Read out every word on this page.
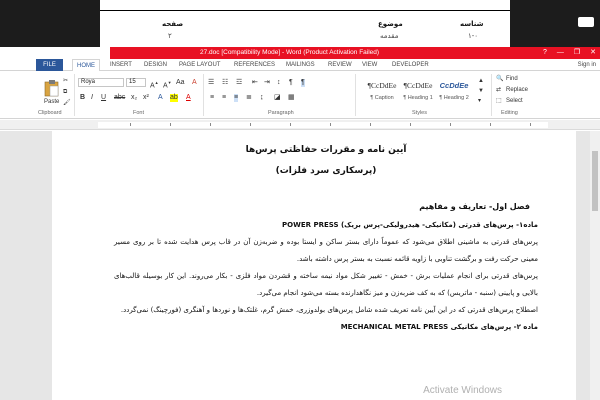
شناسه
موضوع
صفحه
۱-۰
مقدمه
۲
27.doc [Compatibility Mode] - Word (Product Activation Failed)	? — ❐ ✕
FILE	HOME	INSERT DESIGN PAGE LAYOUT REFERENCES MAILINGS REVIEW VIEW DEVELOPER	Sign in
Paste
✂
⧉
🖌
Clipboard
Roya	15
A▲ A▼ Aa A
B I U abc x₂ x² A ab A
Font
☰ ☷ ☲ ⇤ ⇥ ↕ ¶ ¶
≡ ≡ ≡ ≣ ↨ ◪ ▦
Paragraph
¶CcDdEe
¶ Caption
¶CcDdEe
¶ Heading 1
CcDdEe
¶ Heading 2
▲
▼
▾
Styles
🔍 Find
⇄ Replace
⬚ Select
Editing
آیین نامه و مقررات حفاظتی پرس‌ها
(پرسکاری سرد فلزات)
فصل اول- تعاریف و مفاهیم
ماده۱- پرس‌های قدرتی (مکانیکی- هیدرولیکی-پرس بریک) POWER PRESS
پرس‌های قدرتی به ماشینی اطلاق می‌شود که عموماً دارای بستر ساکن و ایستا بوده و ضربه‌زن آن در قاب پرس هدایت شده تا بر روی مسیر معینی حرکت رفت و برگشت تناوبی با زاویه قائمه نسبت به بستر پرس داشته باشد.
پرس‌های قدرتی برای انجام عملیات برش - خمش - تغییر شکل مواد نیمه ساخته و قشردن مواد فلزی - بکار می‌روند. این کار بوسیله قالب‌های بالایی و پایینی (سنبه - ماتریس) که به کف ضربه‌زن و میز نگاهدارنده بسته می‌شود انجام می‌گیرد.
اصطلاح پرس‌های قدرتی که در این آیین نامه تعریف شده شامل پرس‌های بولدوزری، خمش گرم، غلتک‌ها و نوردها و آهنگری (فورچینگ) نمی‌گردد.
ماده ۲- پرس‌های مکانیکی MECHANICAL METAL PRESS
Activate Windows
